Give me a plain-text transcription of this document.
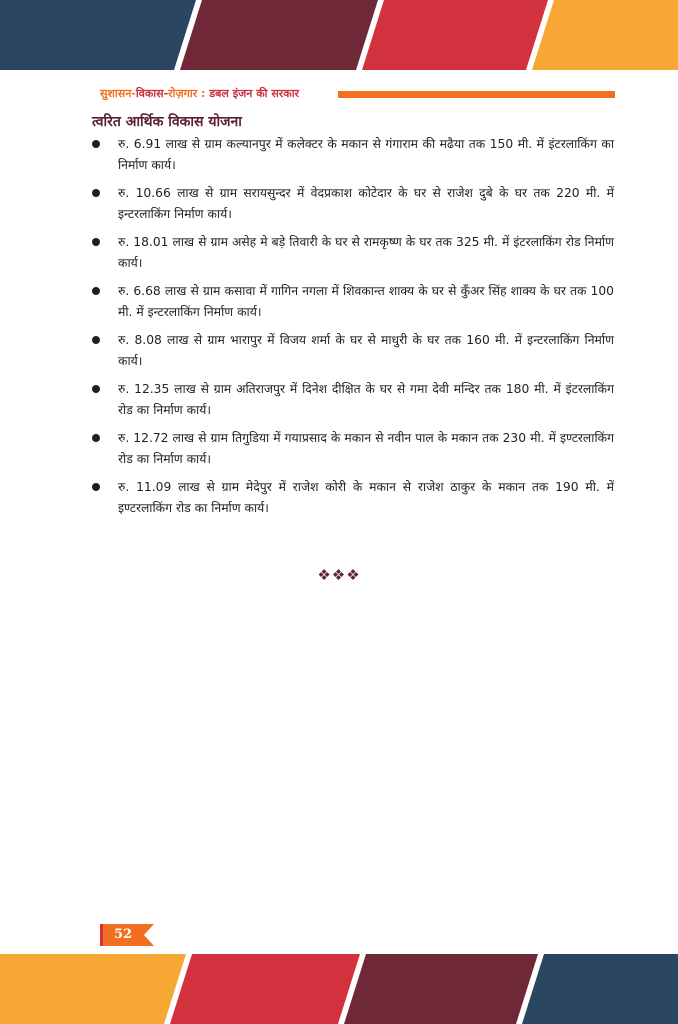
सुशासन-विकास-रोज़गार : डबल इंजन की सरकार
त्वरित आर्थिक विकास योजना
रु. 6.91 लाख से ग्राम कल्यानपुर में कलेक्टर के मकान से गंगाराम की मढैया तक 150 मी. में इंटरलाकिंग का निर्माण कार्य।
रु. 10.66 लाख से ग्राम सरायसुन्दर में वेदप्रकाश कोटेदार के घर से राजेश दुबे के घर तक 220 मी. में इन्टरलाकिंग निर्माण कार्य।
रु. 18.01 लाख से ग्राम असेह मे बड़े तिवारी के घर से रामकृष्ण के घर तक 325 मी. में इंटरलाकिंग रोड निर्माण कार्य।
रु. 6.68 लाख से ग्राम कसावा में गागिन नगला में शिवकान्त शाक्य के घर से कुँअर सिंह शाक्य के घर तक 100 मी. में इन्टरलाकिंग निर्माण कार्य।
रु. 8.08 लाख से ग्राम भारापुर में विजय शर्मा के घर से माधुरी के घर तक 160 मी. में इन्टरलाकिंग निर्माण कार्य।
रु. 12.35 लाख से ग्राम अतिराजपुर में दिनेश दीक्षित के घर से गमा देवी मन्दिर तक 180 मी. में इंटरलाकिंग रोड का निर्माण कार्य।
रु. 12.72 लाख से ग्राम तिगुडिया में गयाप्रसाद के मकान से नवीन पाल के मकान तक 230 मी. में इण्टरलाकिंग रोड का निर्माण कार्य।
रु. 11.09 लाख से ग्राम मेदेपुर में राजेश कोरी के मकान से राजेश ठाकुर के मकान तक 190 मी. में इण्टरलाकिंग रोड का निर्माण कार्य।
❖❖❖
52
